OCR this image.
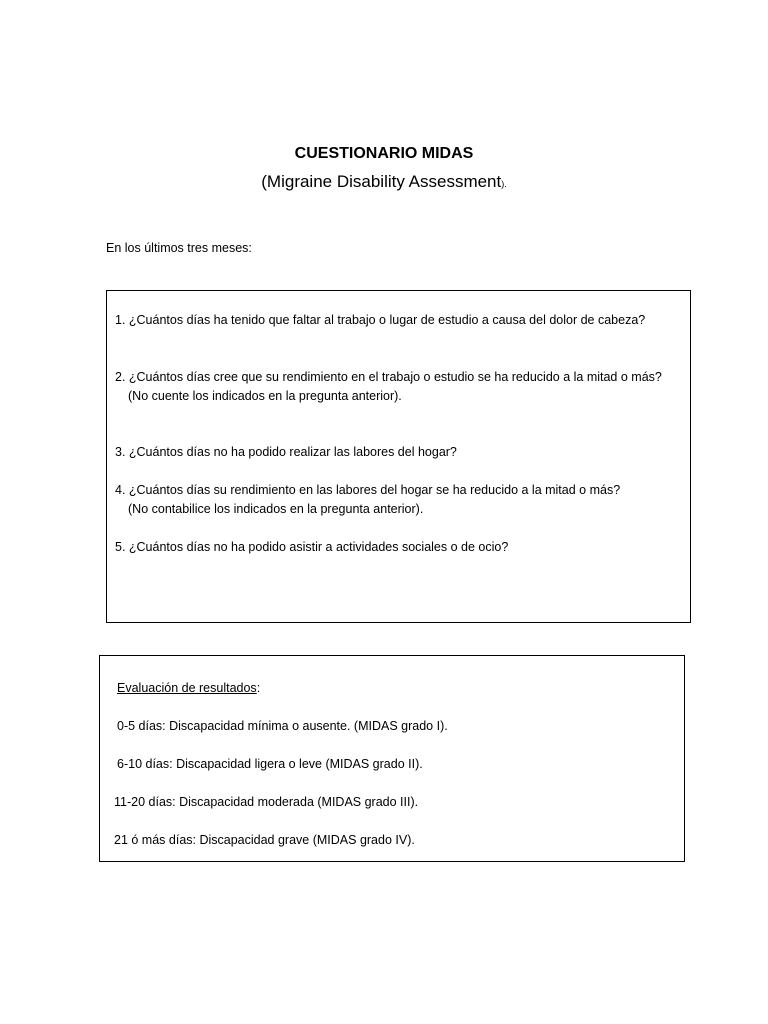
CUESTIONARIO MIDAS
(Migraine Disability Assessment).
En los últimos tres meses:
1. ¿Cuántos días ha tenido que faltar al trabajo o lugar de estudio a causa del dolor de cabeza?
2. ¿Cuántos días cree que su rendimiento en el trabajo o estudio se ha reducido a la mitad o más?
(No cuente los indicados en la pregunta anterior).
3. ¿Cuántos días no ha podido realizar las labores del hogar?
4. ¿Cuántos días su rendimiento en las labores del hogar se ha reducido a la mitad o más?
(No contabilice los indicados en la pregunta anterior).
5. ¿Cuántos días no ha podido asistir a actividades sociales o de ocio?
Evaluación de resultados:
0-5 días: Discapacidad mínima o ausente. (MIDAS grado I).
6-10 días: Discapacidad ligera o leve (MIDAS grado II).
11-20 días: Discapacidad moderada (MIDAS grado III).
21 ó más días: Discapacidad grave (MIDAS grado IV).
